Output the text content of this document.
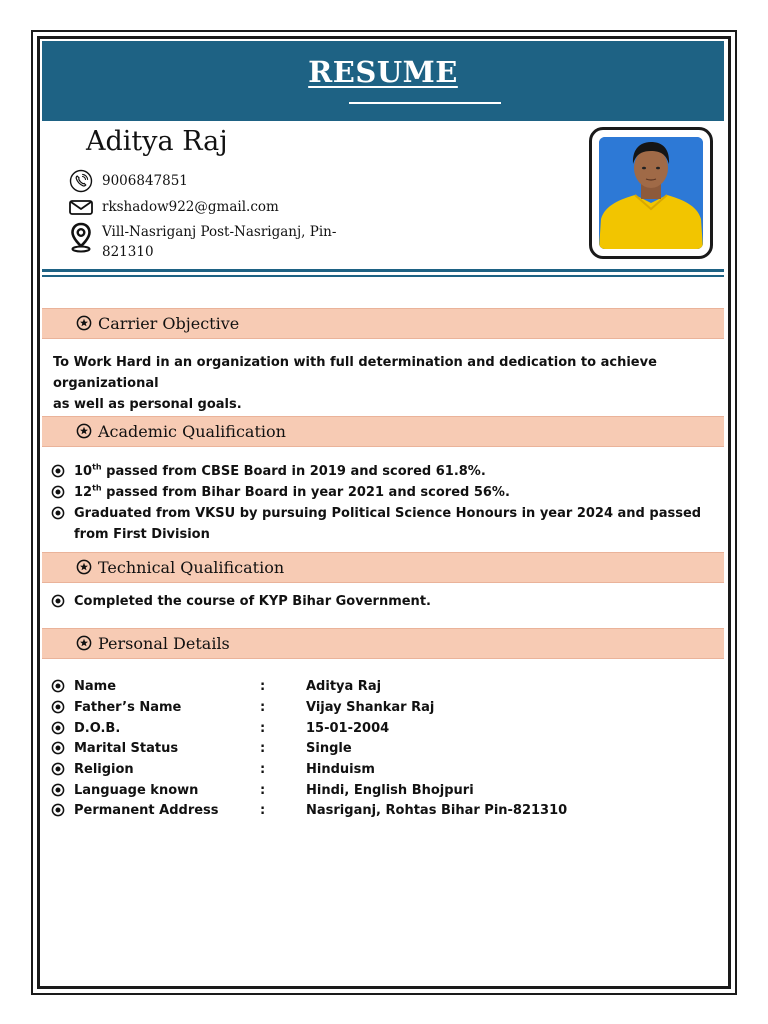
RESUME
Aditya Raj
9006847851
rkshadow922@gmail.com
Vill-Nasriganj Post-Nasriganj, Pin-
821310
Carrier Objective
To Work Hard in an organization with full determination and dedication to achieve organizational
as well as personal goals.
Academic Qualification
10th passed from CBSE Board in 2019 and scored 61.8%.
12th passed from Bihar Board in year 2021 and scored 56%.
Graduated from VKSU by pursuing Political Science Honours in year 2024 and passed
from First Division
Technical Qualification
Completed the course of KYP Bihar Government.
Personal Details
Name	:	Aditya Raj
Father’s Name	:	Vijay Shankar Raj
D.O.B.	:	15-01-2004
Marital Status	:	Single
Religion	:	Hinduism
Language known	:	Hindi, English Bhojpuri
Permanent Address	:	Nasriganj, Rohtas Bihar Pin-821310
